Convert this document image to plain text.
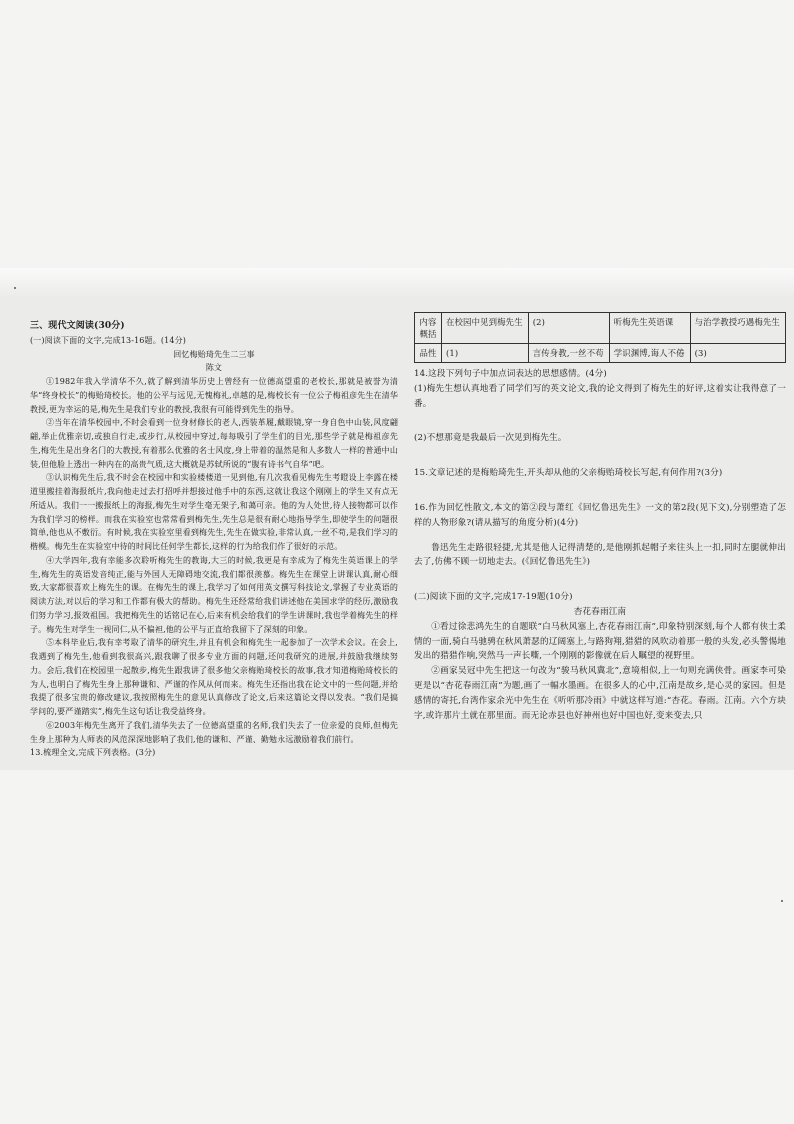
三、现代文阅读(30分)

(一)阅读下面的文字,完成13-16题。(14分)

回忆梅贻琦先生二三事

陈文

①1982年我入学清华不久,就了解到清华历史上曾经有一位德高望重的老校长,那就是被誉为清华“终身校长”的梅贻琦校长。他的公平与远见,无愧梅礼,卓越的是,梅校长有一位公子梅祖彦先生在清华教授,更为幸运的是,梅先生是我们专业的教授,我很有可能得到先生的指导。

②当年在清华校园中,不时会看到一位身材修长的老人,西装革履,戴眼镜,穿一身自色中山装,风度翩翩,举止优雅亲切,或独自行走,或步行,从校园中穿过,每每吸引了学生们的目光,那些学子就是梅祖彦先生,梅先生是出身名门的大教授,有着那么优雅的名士风度,身上带着的温然是和人多数人一样的普通中山装,但他脸上透出一种内在的高贵气质,这大概就是苏轼所说的“腹有诗书气自华”吧。

③认识梅先生后,我不时会在校园中和实验楼楼道一见到他,有几次我看见梅先生考瞪设上李露在楼道里搬挂着海报纸片,我向他走过去打招呼并想接过他手中的东西,这就让我这个刚刚上的学生又有点无所适从。我们一一搬报纸上的海报,梅先生对学生毫无架子,和蔼可亲。他的为人处世,待人接物都可以作为我们学习的榜样。而我在实验室也常常看到梅先生,先生总是很有耐心地指导学生,即使学生的问题很简单,他也从不敷衍。有时候,我在实验室里看到梅先生,先生在做实验,非常认真,一丝不苟,是我们学习的楷模。梅先生在实验室中待的时间比任何学生都长,这样的行为给我们作了很好的示范。

④大学四年,我有幸能多次聆听梅先生的教诲,大三的时候,我更是有幸成为了梅先生英语课上的学生,梅先生的英语发音纯正,能与外国人无障碍地交流,我们都很羡慕。梅先生在课堂上讲课认真,耐心细致,大家都很喜欢上梅先生的课。在梅先生的课上,我学习了如何用英文撰写科技论文,掌握了专业英语的阅读方法,对以后的学习和工作都有极大的帮助。梅先生还经常给我们讲述他在美国求学的经历,激励我们努力学习,报效祖国。我把梅先生的话铭记在心,后来有机会给我们的学生讲课时,我也学着梅先生的样子。梅先生对学生一视同仁,从不偏袒,他的公平与正直给我留下了深刻的印象。

⑤本科毕业后,我有幸考取了清华的研究生,并且有机会和梅先生一起参加了一次学术会议。在会上,我遇到了梅先生,他看到我很高兴,跟我聊了很多专业方面的问题,还问我研究的进展,并鼓励我继续努力。会后,我们在校园里一起散步,梅先生跟我讲了很多他父亲梅贻琦校长的故事,我才知道梅贻琦校长的为人,也明白了梅先生身上那种谦和、严谨的作风从何而来。梅先生还指出我在论文中的一些问题,并给我提了很多宝贵的修改建议,我按照梅先生的意见认真修改了论文,后来这篇论文得以发表。“我们是搞学问的,要严谨踏实”,梅先生这句话让我受益终身。

⑥2003年梅先生离开了我们,清华失去了一位德高望重的名师,我们失去了一位亲爱的良师,但梅先生身上那种为人师表的风范深深地影响了我们,他的谦和、严谨、勤勉永远激励着我们前行。

13.梳理全文,完成下列表格。(3分)

内容概括	在校园中见到梅先生	(2)	听梅先生英语课	与治学教授巧遇梅先生
品性	(1)	言传身教,一丝不苟	学识渊博,诲人不倦	(3)

14.这段下列句子中加点词表达的思想感情。(4分)

(1)梅先生想认真地看了同学们写的英文论文,我的论文得到了梅先生的好评,这着实让我得意了一番。

(2)不想那竟是我最后一次见到梅先生。

15.文章记述的是梅贻琦先生,开头却从他的父亲梅贻琦校长写起,有何作用?(3分)

16.作为回忆性散文,本文的第②段与萧红《回忆鲁迅先生》一文的第2段(见下文),分别塑造了怎样的人物形象?(请从描写的角度分析)(4分)

鲁迅先生走路很轻捷,尤其是他人记得清楚的,是他刚抓起帽子来往头上一扣,同时左腿就伸出去了,仿佛不顾一切地走去。(《回忆鲁迅先生》)

(二)阅读下面的文字,完成17-19题(10分)

杏花春雨江南

①看过徐悲鸿先生的自题联“白马秋风塞上,杏花春雨江南”,印象特别深刻,每个人都有侠士柔情的一面,骑白马驰骋在秋风萧瑟的辽阔塞上,与路狗翔,猎猎的风吹动着那一般的头发,必头警惕地发出的猎猎作响,突然马一声长嘶,一个刚刚的影像就在后人瞩望的视野里。

②画家吴冠中先生把这一句改为“骏马秋风冀北”,意境相似,上一句则充满侠骨。画家李可染更是以“杏花春雨江南”为题,画了一幅水墨画。在很多人的心中,江南是故乡,是心灵的家园。但是感情的寄托,台湾作家余光中先生在《听听那冷雨》中就这样写道:“杏花。春雨。江南。六个方块字,或许那片土就在那里面。而无论赤县也好神州也好中国也好,变来变去,只
